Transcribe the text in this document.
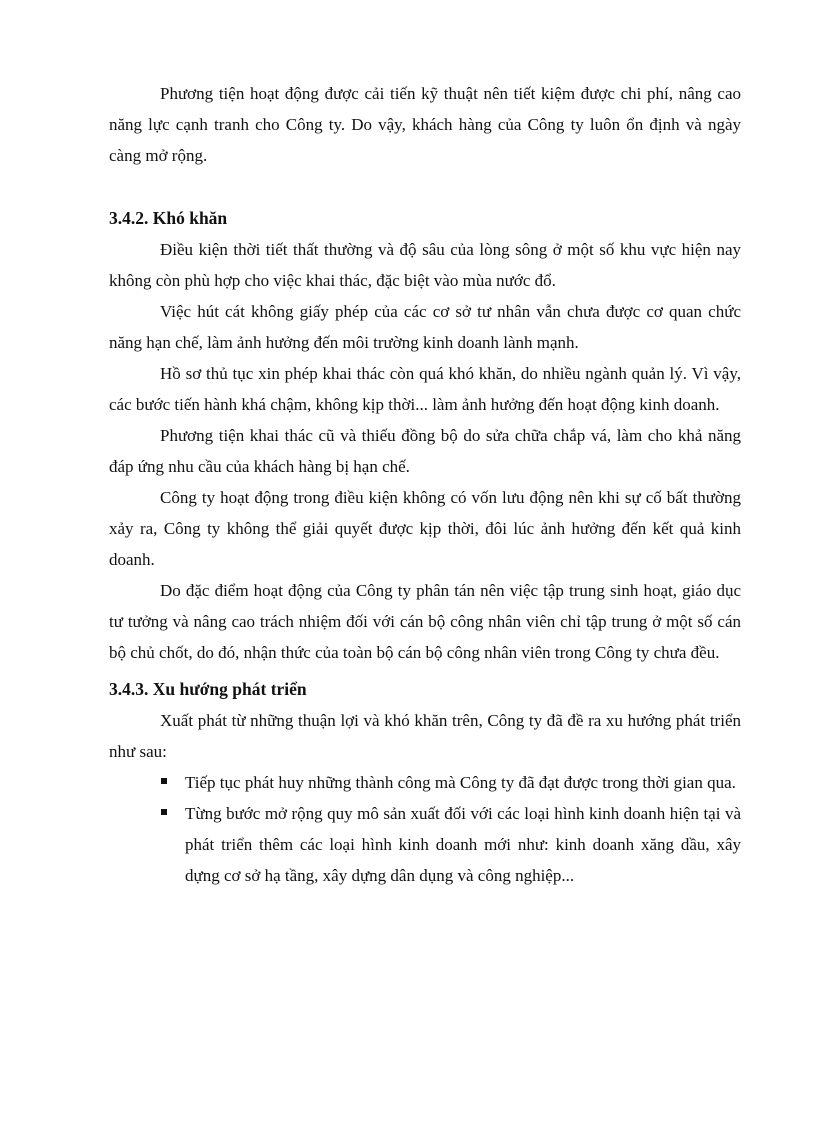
Phương tiện hoạt động được cải tiến kỹ thuật nên tiết kiệm được chi phí, nâng cao năng lực cạnh tranh cho Công ty. Do vậy, khách hàng của Công ty luôn ổn định và ngày càng mở rộng.

3.4.2. Khó khăn

Điều kiện thời tiết thất thường và độ sâu của lòng sông ở một số khu vực hiện nay không còn phù hợp cho việc khai thác, đặc biệt vào mùa nước đổ.

Việc hút cát không giấy phép của các cơ sở tư nhân vẫn chưa được cơ quan chức năng hạn chế, làm ảnh hưởng đến môi trường kinh doanh lành mạnh.

Hồ sơ thủ tục xin phép khai thác còn quá khó khăn, do nhiều ngành quản lý. Vì vậy, các bước tiến hành khá chậm, không kịp thời... làm ảnh hưởng đến hoạt động kinh doanh.

Phương tiện khai thác cũ và thiếu đồng bộ do sửa chữa chắp vá, làm cho khả năng đáp ứng nhu cầu của khách hàng bị hạn chế.

Công ty hoạt động trong điều kiện không có vốn lưu động nên khi sự cố bất thường xảy ra, Công ty không thể giải quyết được kịp thời, đôi lúc ảnh hưởng đến kết quả kinh doanh.

Do đặc điểm hoạt động của Công ty phân tán nên việc tập trung sinh hoạt, giáo dục tư tưởng và nâng cao trách nhiệm đối với cán bộ công nhân viên chỉ tập trung ở một số cán bộ chủ chốt, do đó, nhận thức của toàn bộ cán bộ công nhân viên trong Công ty chưa đều.

3.4.3. Xu hướng phát triển

Xuất phát từ những thuận lợi và khó khăn trên, Công ty đã đề ra xu hướng phát triển như sau:

Tiếp tục phát huy những thành công mà Công ty đã đạt được trong thời gian qua.
Từng bước mở rộng quy mô sản xuất đối với các loại hình kinh doanh hiện tại và phát triển thêm các loại hình kinh doanh mới như: kinh doanh xăng dầu, xây dựng cơ sở hạ tầng, xây dựng dân dụng và công nghiệp...
